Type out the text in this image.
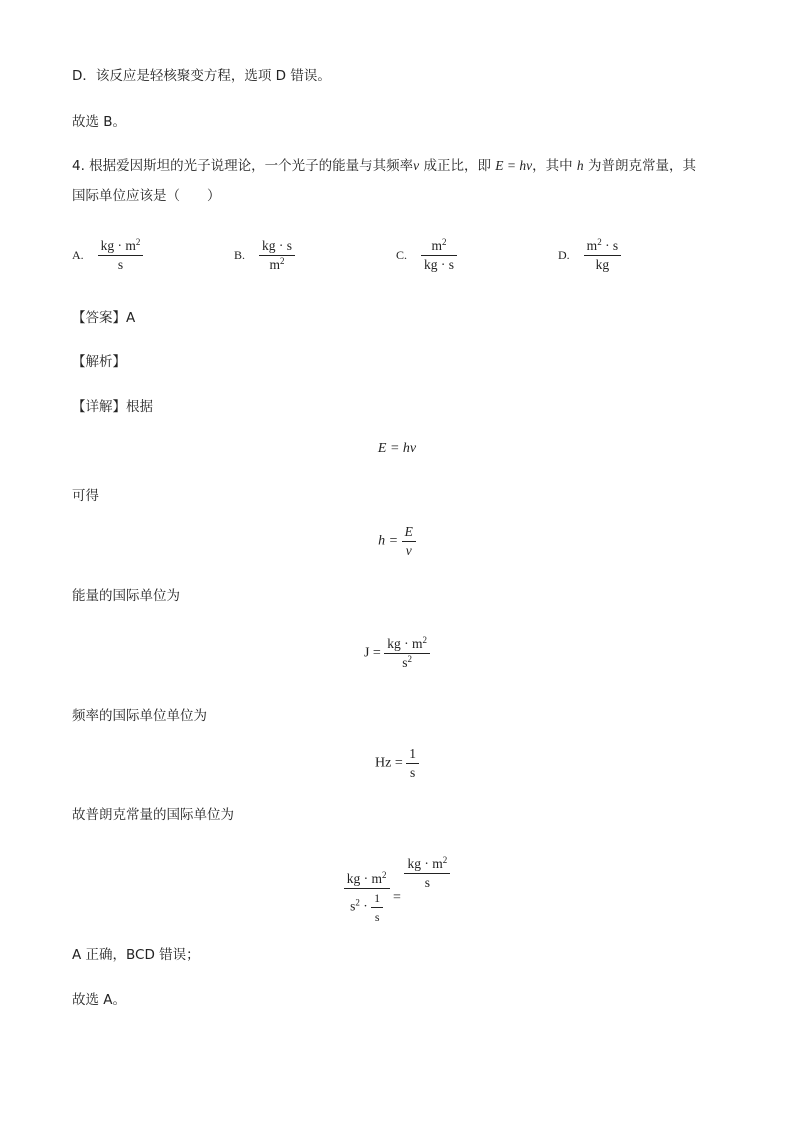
D．该反应是轻核聚变方程，选项 D 错误。
故选 B。
4. 根据爱因斯坦的光子说理论，一个光子的能量与其频率ν 成正比，即 E = hν，其中 h 为普朗克常量，其
国际单位应该是（　　）
A. $\frac{kg \cdot m^2}{s}$	B. $\frac{kg \cdot s}{m^2}$	C. $\frac{m^2}{kg \cdot s}$	D. $\frac{m^2 \cdot s}{kg}$
【答案】A
【解析】
【详解】根据
E = hν
可得
$h = \frac{E}{\nu}$
能量的国际单位为
$J = \frac{kg \cdot m^2}{s^2}$
频率的国际单位单位为
$Hz = \frac{1}{s}$
故普朗克常量的国际单位为
$\frac{kg \cdot m^2}{s^2 \cdot \frac{1}{s}}$ =
$\frac{kg \cdot m^2}{s}$
A 正确，BCD 错误；
故选 A。
